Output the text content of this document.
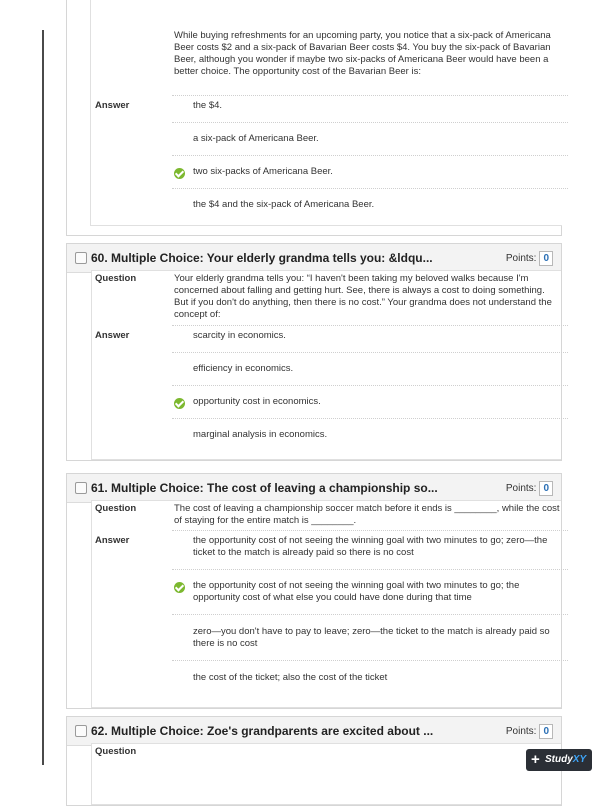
While buying refreshments for an upcoming party, you notice that a six-pack of Americana Beer costs $2 and a six-pack of Bavarian Beer costs $4. You buy the six-pack of Bavarian Beer, although you wonder if maybe two six-packs of Americana Beer would have been a better choice. The opportunity cost of the Bavarian Beer is:
Answer	the $4.
a six-pack of Americana Beer.
two six-packs of Americana Beer.
the $4 and the six-pack of Americana Beer.
60. Multiple Choice: Your elderly grandma tells you: &ldqu...	Points: 0
Question	Your elderly grandma tells you: “I haven't been taking my beloved walks because I'm concerned about falling and getting hurt. See, there is always a cost to doing something. But if you don't do anything, then there is no cost.” Your grandma does not understand the concept of:
Answer	scarcity in economics.
efficiency in economics.
opportunity cost in economics.
marginal analysis in economics.
61. Multiple Choice: The cost of leaving a championship so...	Points: 0
Question	The cost of leaving a championship soccer match before it ends is ________, while the cost of staying for the entire match is ________.
Answer	the opportunity cost of not seeing the winning goal with two minutes to go; zero—the ticket to the match is already paid so there is no cost
the opportunity cost of not seeing the winning goal with two minutes to go; the opportunity cost of what else you could have done during that time
zero—you don't have to pay to leave; zero—the ticket to the match is already paid so there is no cost
the cost of the ticket; also the cost of the ticket
62. Multiple Choice: Zoe's grandparents are excited about ...	Points: 0
Question	+ StudyXY
